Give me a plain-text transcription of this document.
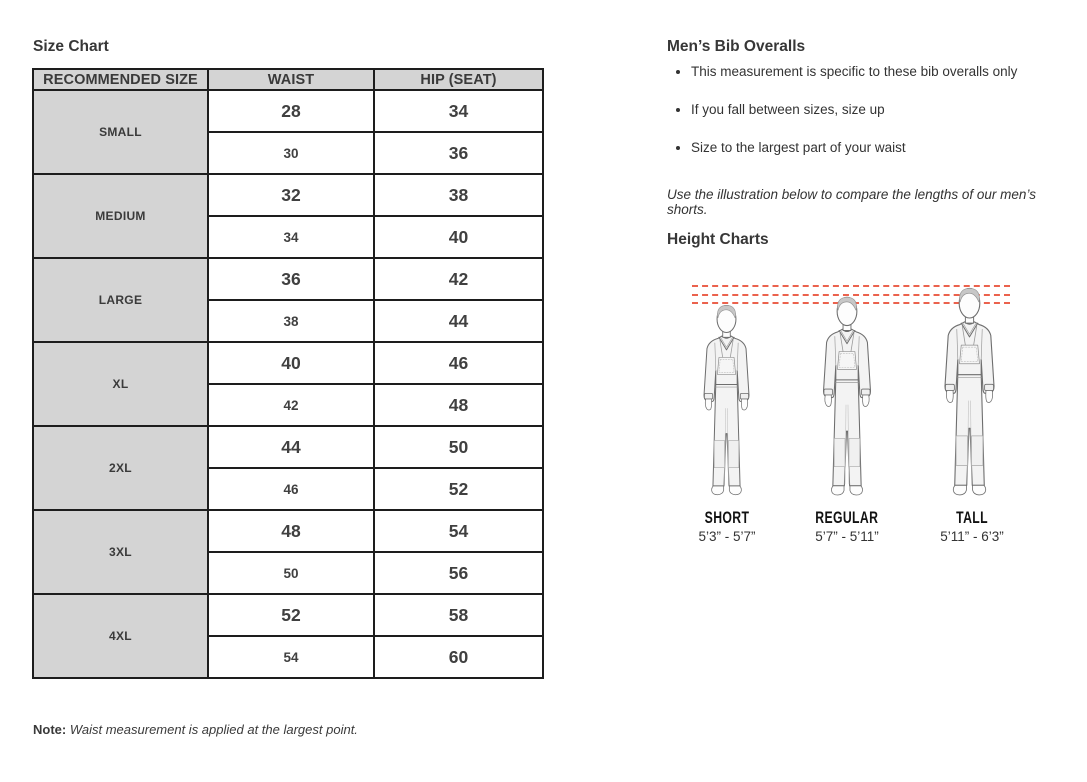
Size Chart
RECOMMENDED SIZE	WAIST	HIP (SEAT)
SMALL	28	34
	30	36
MEDIUM	32	38
	34	40
LARGE	36	42
	38	44
XL	40	46
	42	48
2XL	44	50
	46	52
3XL	48	54
	50	56
4XL	52	58
	54	60

Note: Waist measurement is applied at the largest point.

Men’s Bib Overalls
• This measurement is specific to these bib overalls only
• If you fall between sizes, size up
• Size to the largest part of your waist

Use the illustration below to compare the lengths of our men’s shorts.

Height Charts
SHORT
5’3” - 5’7”
REGULAR
5’7” - 5’11”
TALL
5’11” - 6’3”
